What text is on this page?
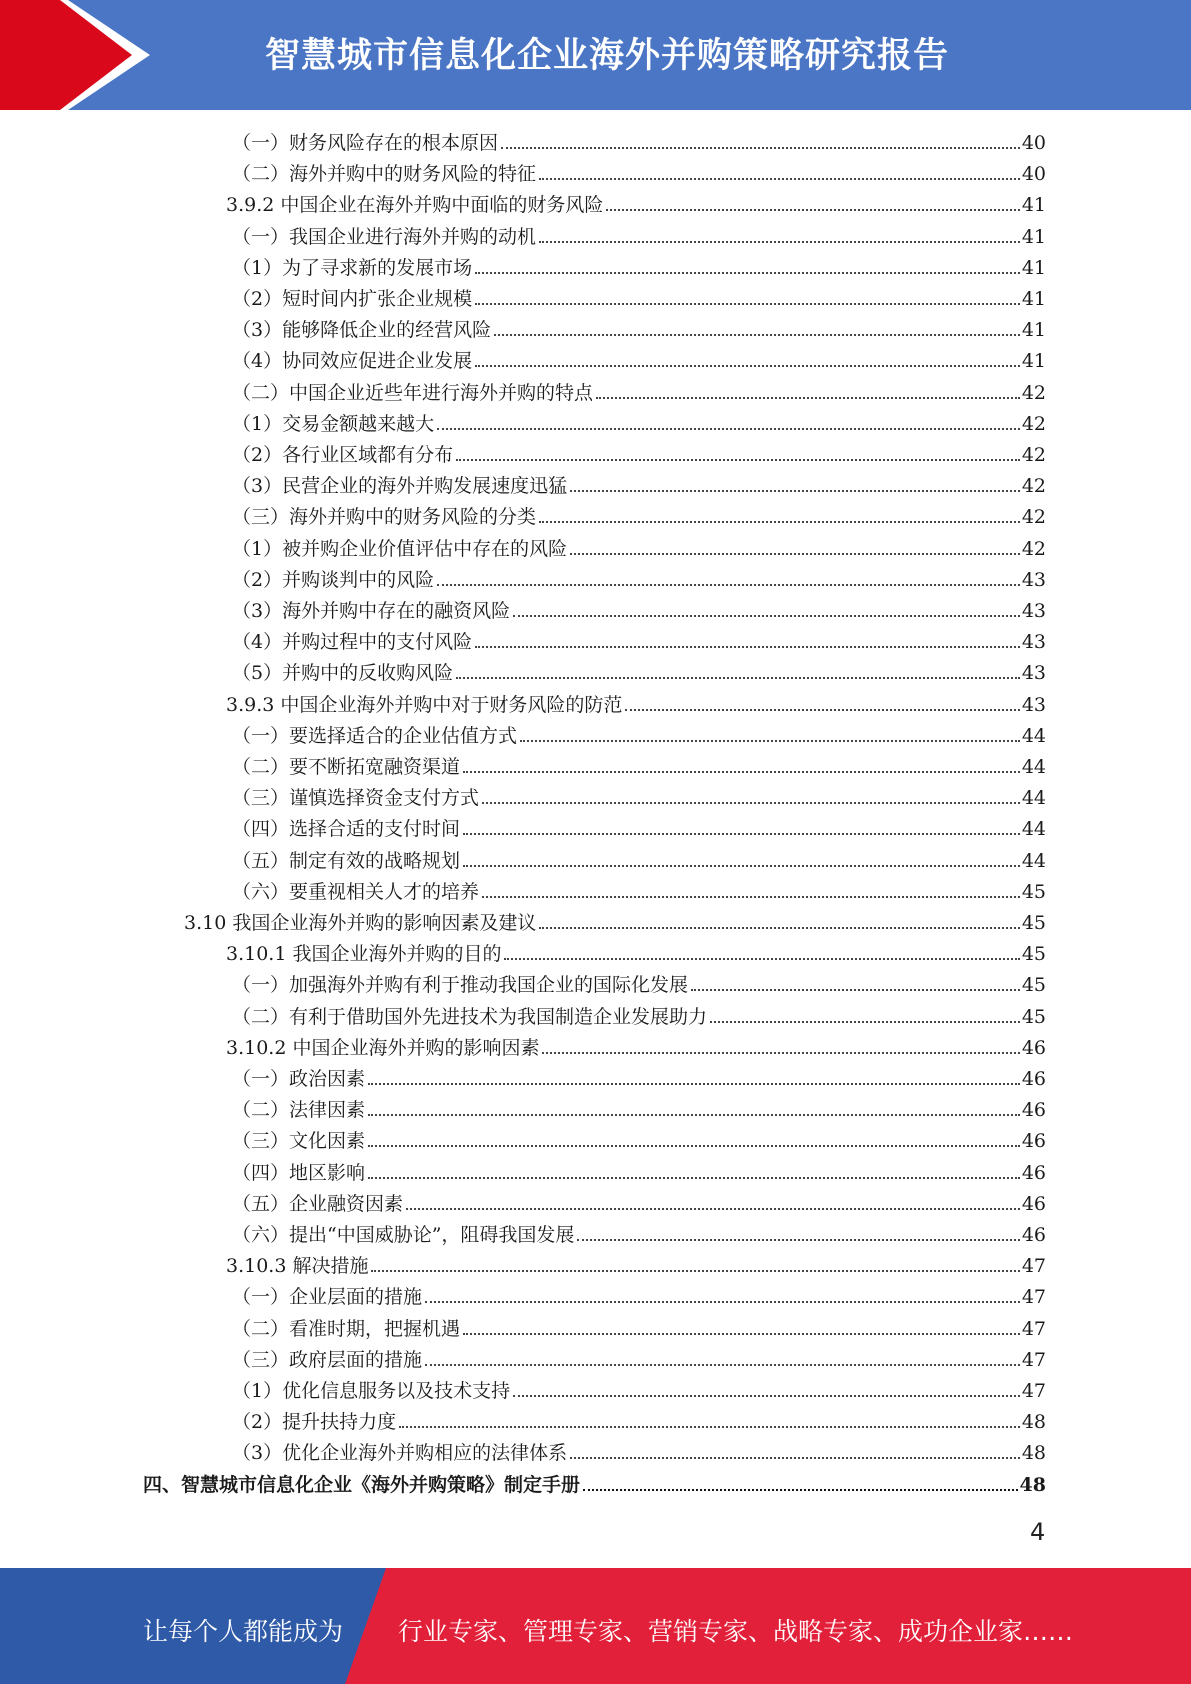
智慧城市信息化企业海外并购策略研究报告
（一）财务风险存在的根本原因	40
（二）海外并购中的财务风险的特征	40
3.9.2 中国企业在海外并购中面临的财务风险	41
（一）我国企业进行海外并购的动机	41
（1）为了寻求新的发展市场	41
（2）短时间内扩张企业规模	41
（3）能够降低企业的经营风险	41
（4）协同效应促进企业发展	41
（二）中国企业近些年进行海外并购的特点	42
（1）交易金额越来越大	42
（2）各行业区域都有分布	42
（3）民营企业的海外并购发展速度迅猛	42
（三）海外并购中的财务风险的分类	42
（1）被并购企业价值评估中存在的风险	42
（2）并购谈判中的风险	43
（3）海外并购中存在的融资风险	43
（4）并购过程中的支付风险	43
（5）并购中的反收购风险	43
3.9.3 中国企业海外并购中对于财务风险的防范	43
（一）要选择适合的企业估值方式	44
（二）要不断拓宽融资渠道	44
（三）谨慎选择资金支付方式	44
（四）选择合适的支付时间	44
（五）制定有效的战略规划	44
（六）要重视相关人才的培养	45
3.10 我国企业海外并购的影响因素及建议	45
3.10.1 我国企业海外并购的目的	45
（一）加强海外并购有利于推动我国企业的国际化发展	45
（二）有利于借助国外先进技术为我国制造企业发展助力	45
3.10.2 中国企业海外并购的影响因素	46
（一）政治因素	46
（二）法律因素	46
（三）文化因素	46
（四）地区影响	46
（五）企业融资因素	46
（六）提出“中国威胁论”，阻碍我国发展	46
3.10.3 解决措施	47
（一）企业层面的措施	47
（二）看准时期，把握机遇	47
（三）政府层面的措施	47
（1）优化信息服务以及技术支持	47
（2）提升扶持力度	48
（3）优化企业海外并购相应的法律体系	48
四、智慧城市信息化企业《海外并购策略》制定手册	48
4
让每个人都能成为 行业专家、管理专家、营销专家、战略专家、成功企业家……
